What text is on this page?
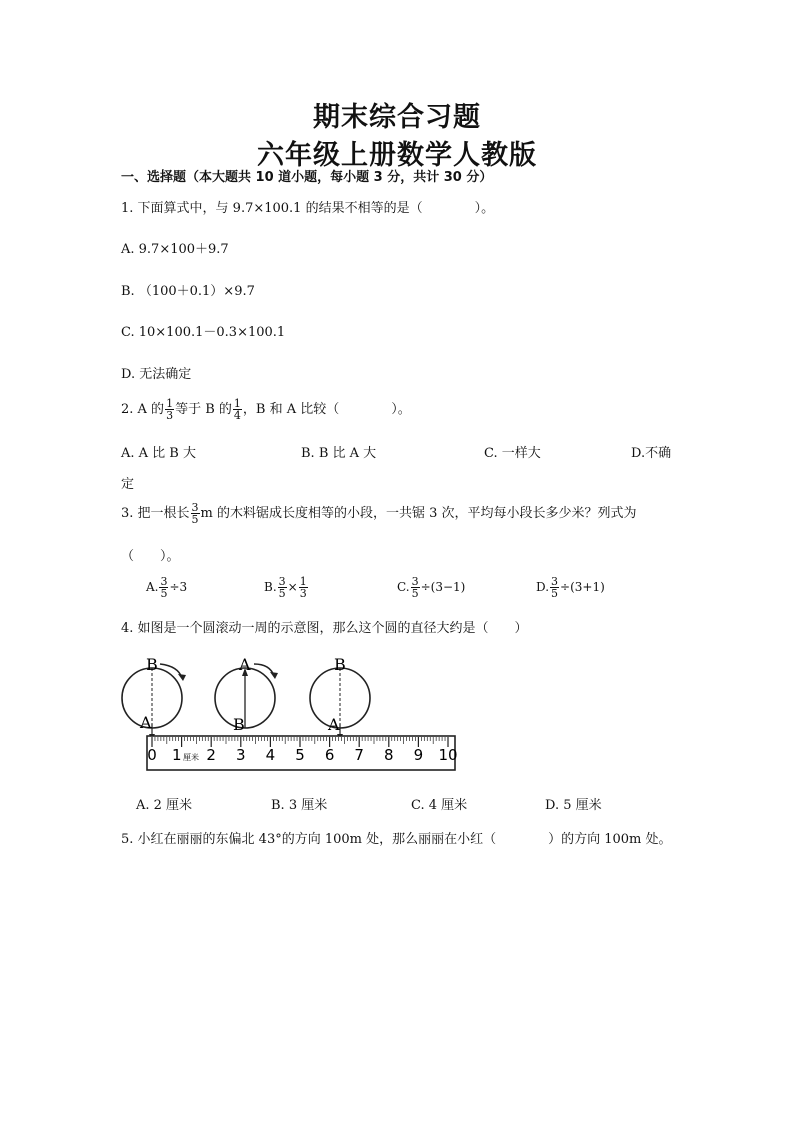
期末综合习题
六年级上册数学人教版
一、选择题（本大题共 10 道小题，每小题 3 分，共计 30 分）
1. 下面算式中，与 9.7×100.1 的结果不相等的是（　　　　）。
A. 9.7×100＋9.7
B. （100＋0.1）×9.7
C. 10×100.1－0.3×100.1
D. 无法确定
2. A 的 $\frac{1}{3}$ 等于 B 的 $\frac{1}{4}$ ，B 和 A 比较（　　　　）。
A. A 比 B 大	B. B 比 A 大	C. 一样大	D.不确
定
3. 把一根长 $\frac{3}{5}$ m 的木料锯成长度相等的小段，一共锯 3 次，平均每小段长多少米？列式为
（　　）。
A. $\frac{3}{5} \div 3$	B. $\frac{3}{5} \times \frac{1}{3}$	C. $\frac{3}{5} \div(3-1)$	D. $\frac{3}{5} \div(3+1)$
4. 如图是一个圆滚动一周的示意图，那么这个圆的直径大约是（　　）
B
A
A
B
B
A
0 1 2 3 4 5 6 7 8 9 10
厘米
A. 2 厘米	B. 3 厘米	C. 4 厘米	D. 5 厘米
5. 小红在丽丽的东偏北 43°的方向 100m 处，那么丽丽在小红（　　　　）的方向 100m 处。
